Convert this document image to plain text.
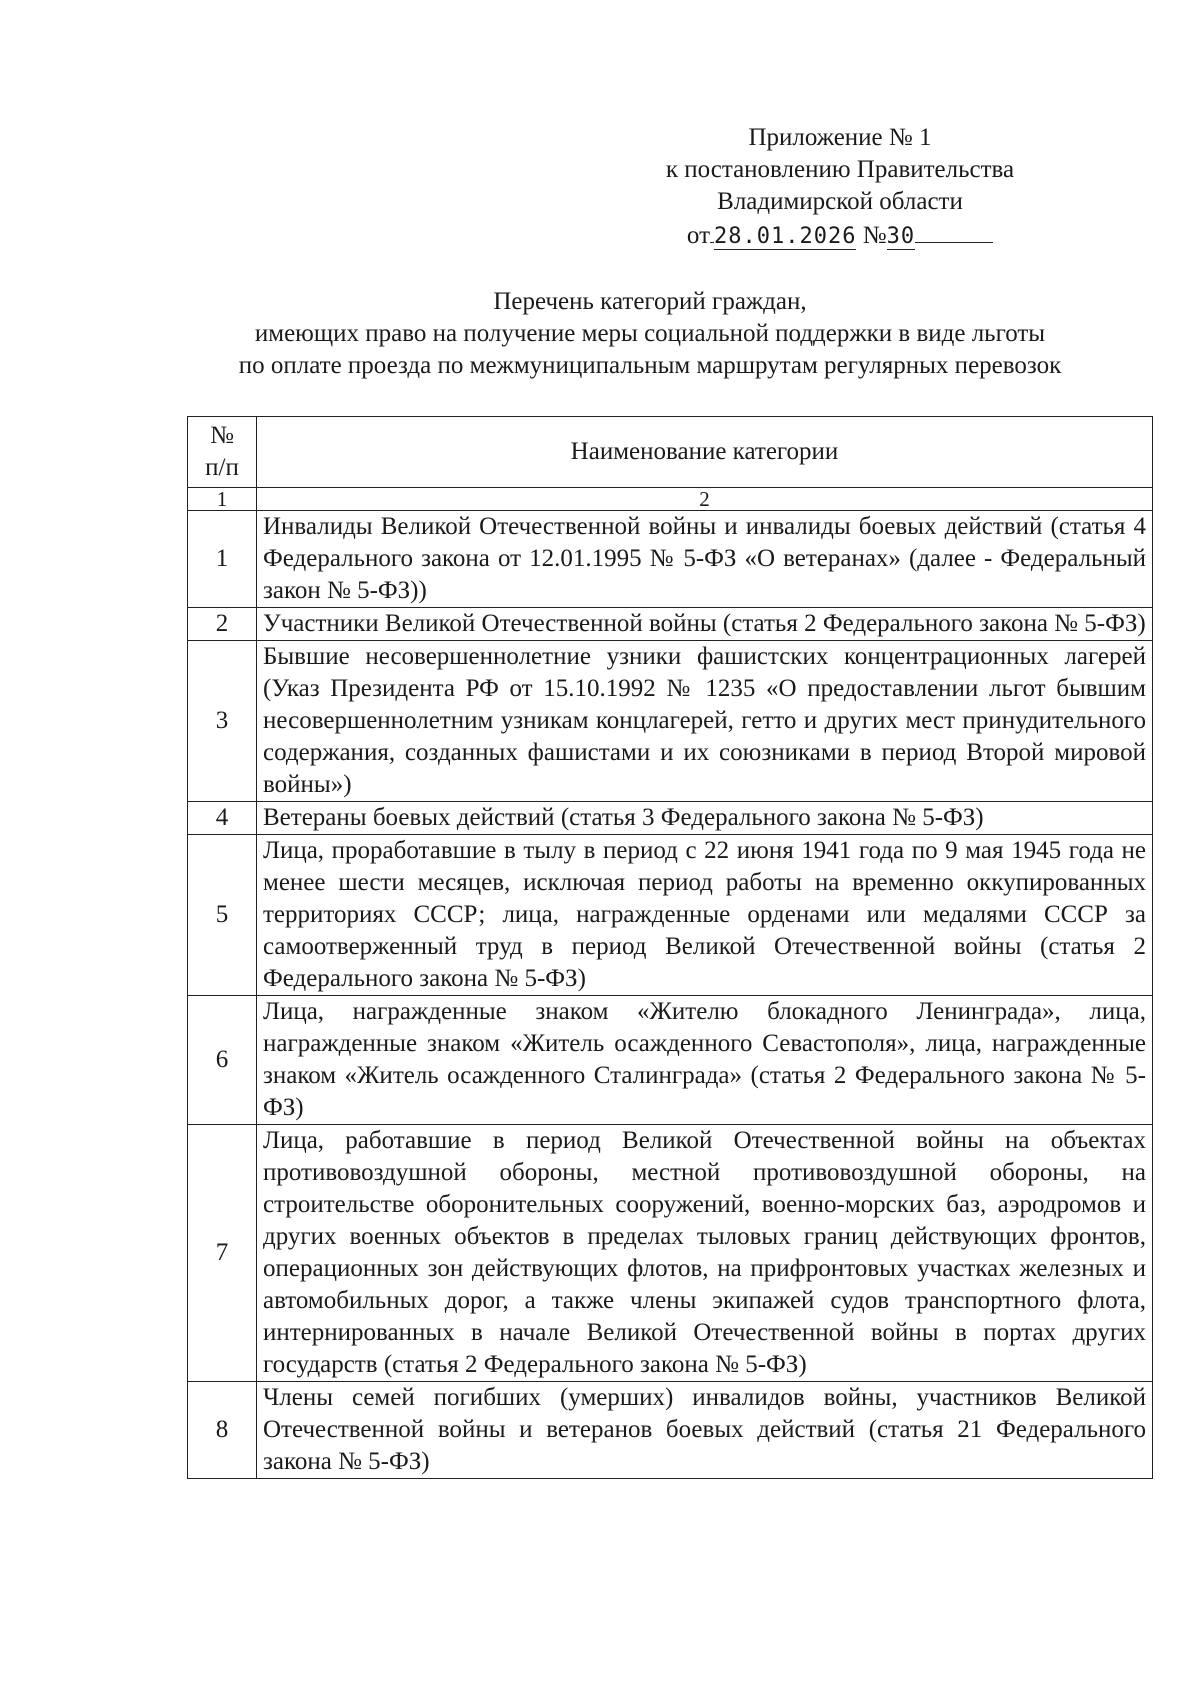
Приложение № 1
к постановлению Правительства
Владимирской области
от 28.01.2026 №30
Перечень категорий граждан,
имеющих право на получение меры социальной поддержки в виде льготы
по оплате проезда по межмуниципальным маршрутам регулярных перевозок
№
п/п	Наименование категории
1	2
1	Инвалиды Великой Отечественной войны и инвалиды боевых действий (статья 4 Федерального закона от 12.01.1995 № 5-ФЗ «О ветеранах» (далее - Федеральный закон № 5-ФЗ))
2	Участники Великой Отечественной войны (статья 2 Федерального закона № 5-ФЗ)
3	Бывшие несовершеннолетние узники фашистских концентрационных лагерей (Указ Президента РФ от 15.10.1992 № 1235 «О предоставлении льгот бывшим несовершеннолетним узникам концлагерей, гетто и других мест принудительного содержания, созданных фашистами и их союзниками в период Второй мировой войны»)
4	Ветераны боевых действий (статья 3 Федерального закона № 5-ФЗ)
5	Лица, проработавшие в тылу в период с 22 июня 1941 года по 9 мая 1945 года не менее шести месяцев, исключая период работы на временно оккупированных территориях СССР; лица, награжденные орденами или медалями СССР за самоотверженный труд в период Великой Отечественной войны (статья 2 Федерального закона № 5-ФЗ)
6	Лица, награжденные знаком «Жителю блокадного Ленинграда», лица, награжденные знаком «Житель осажденного Севастополя», лица, награжденные знаком «Житель осажденного Сталинграда» (статья 2 Федерального закона № 5-ФЗ)
7	Лица, работавшие в период Великой Отечественной войны на объектах противовоздушной обороны, местной противовоздушной обороны, на строительстве оборонительных сооружений, военно-морских баз, аэродромов и других военных объектов в пределах тыловых границ действующих фронтов, операционных зон действующих флотов, на прифронтовых участках железных и автомобильных дорог, а также члены экипажей судов транспортного флота, интернированных в начале Великой Отечественной войны в портах других государств (статья 2 Федерального закона № 5-ФЗ)
8	Члены семей погибших (умерших) инвалидов войны, участников Великой Отечественной войны и ветеранов боевых действий (статья 21 Федерального закона № 5-ФЗ)
